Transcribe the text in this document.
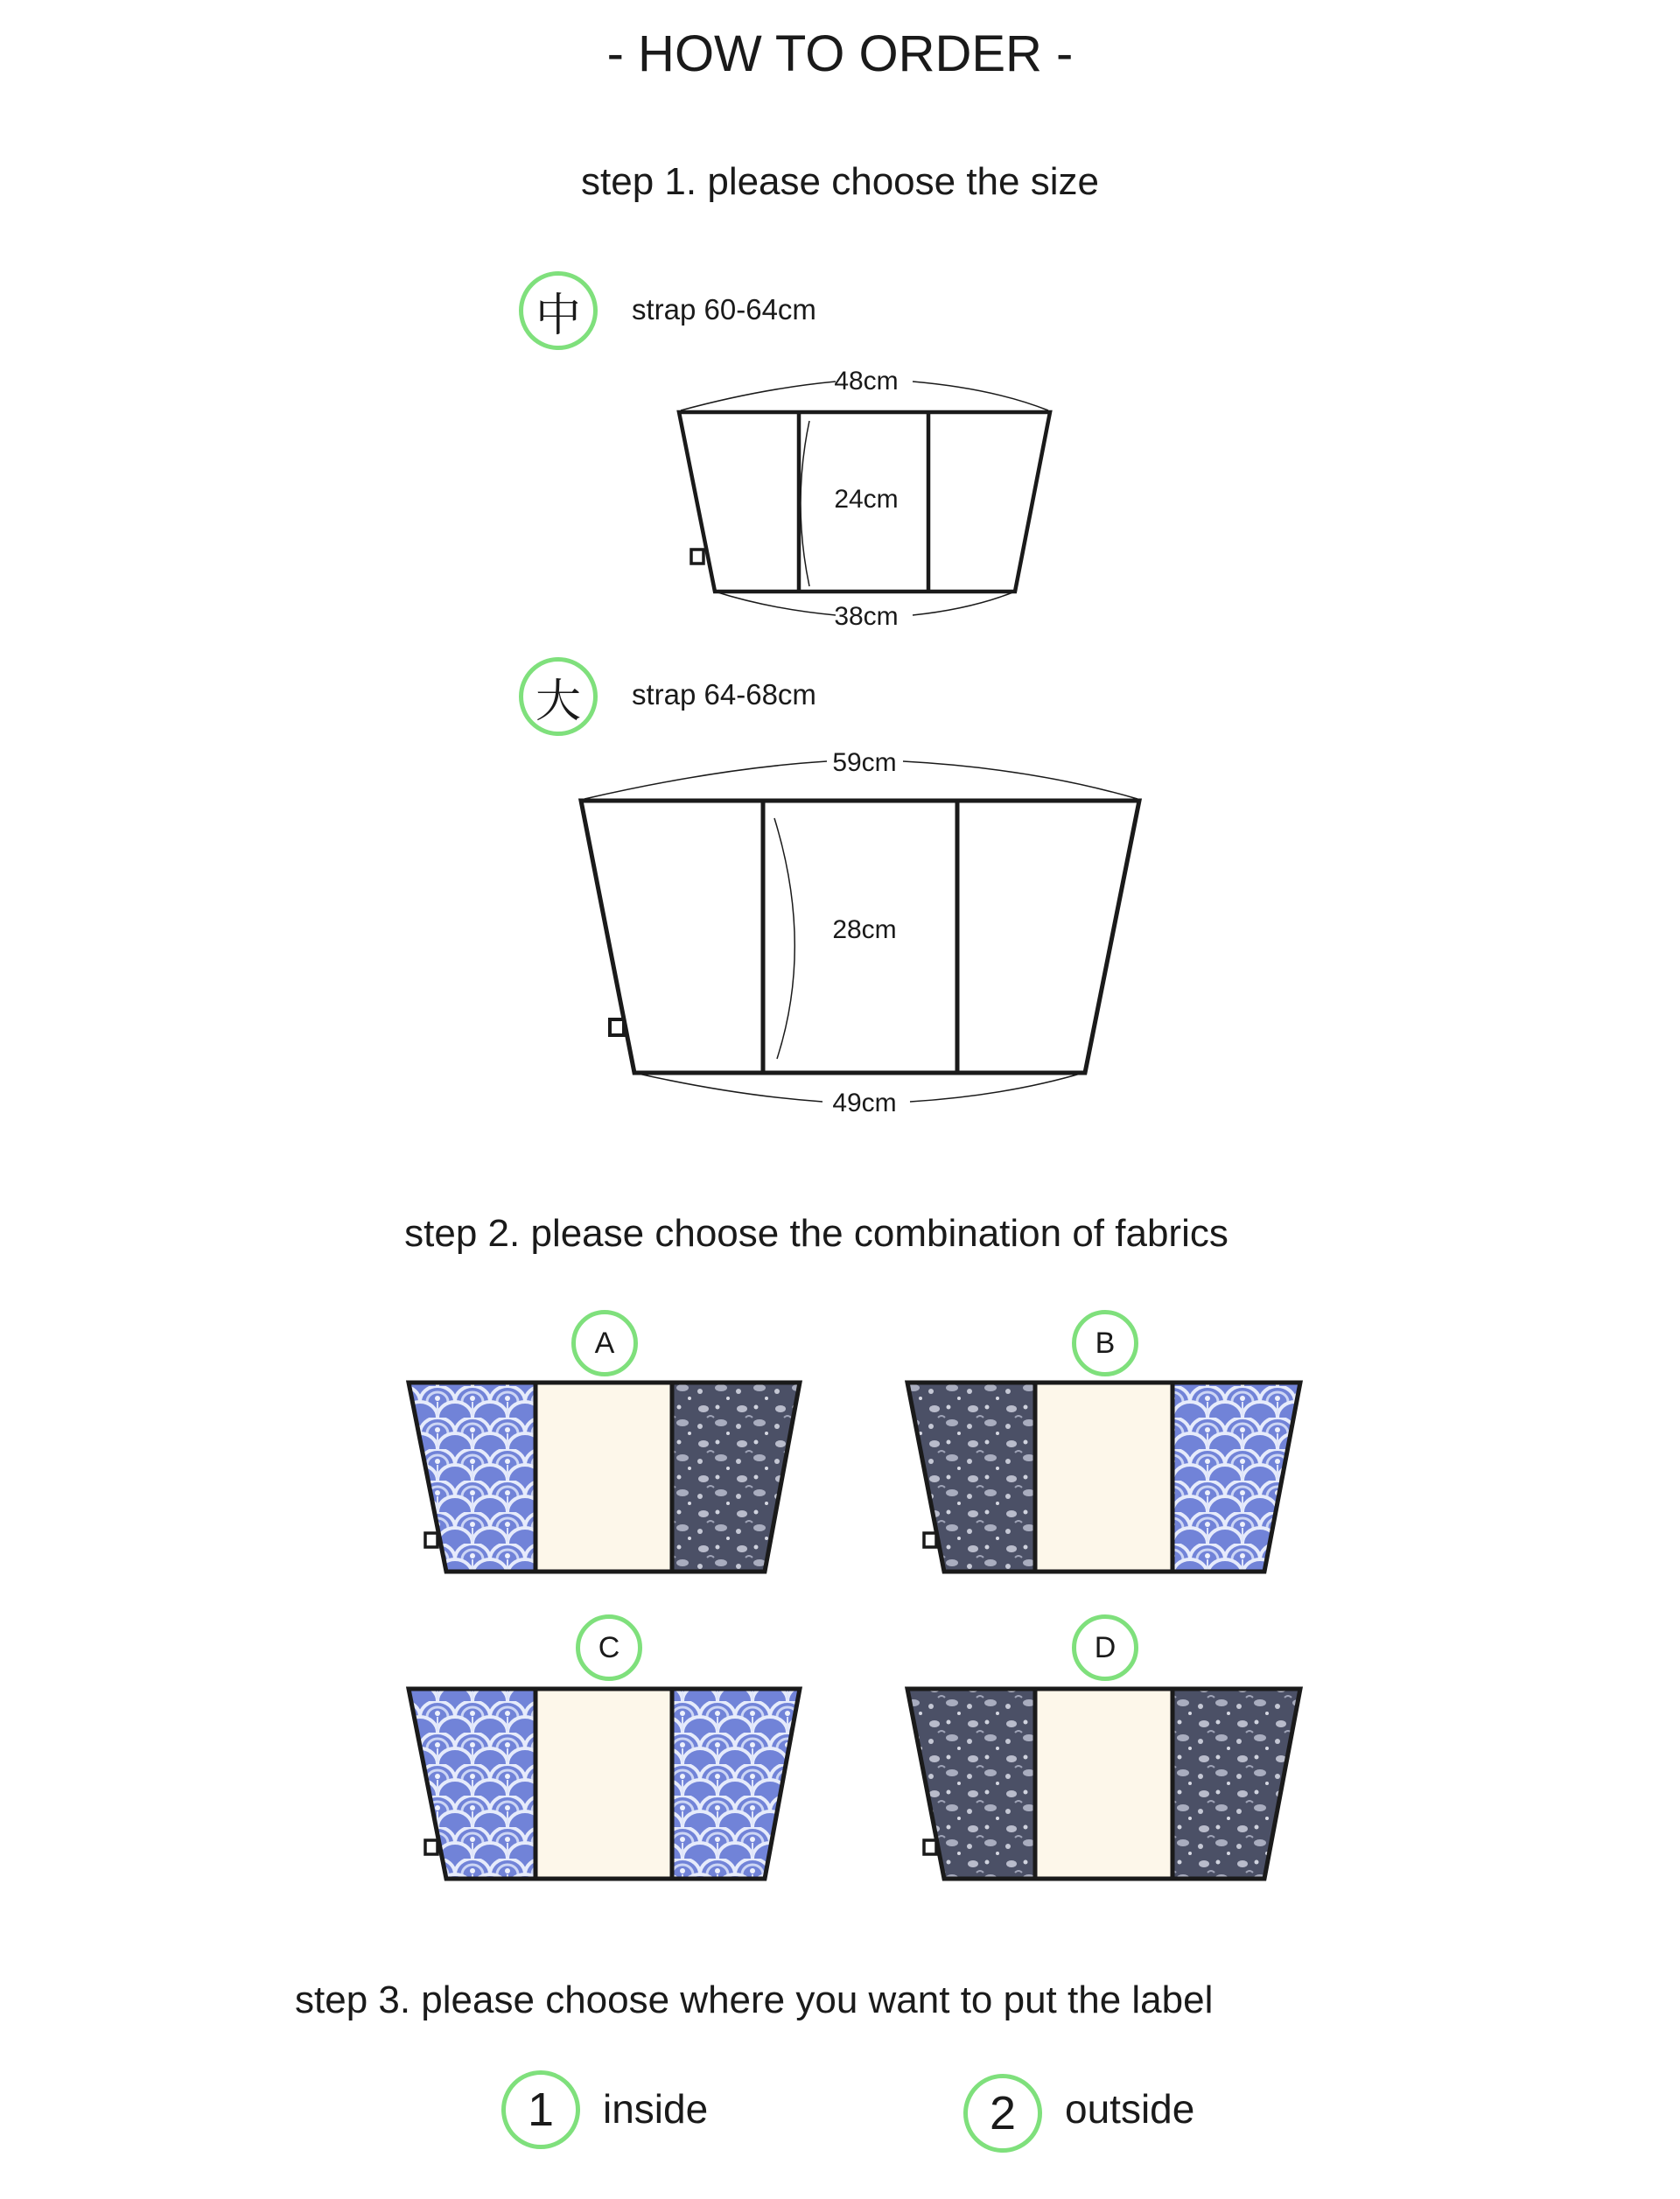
- HOW TO ORDER -
step 1. please choose the size
中	strap 60-64cm
48cm
24cm
38cm
大	strap 64-68cm
59cm
28cm
49cm
step 2. please choose the combination of fabrics
A	B
C	D
step 3. please choose where you want to put the label
1	inside	2	outside
